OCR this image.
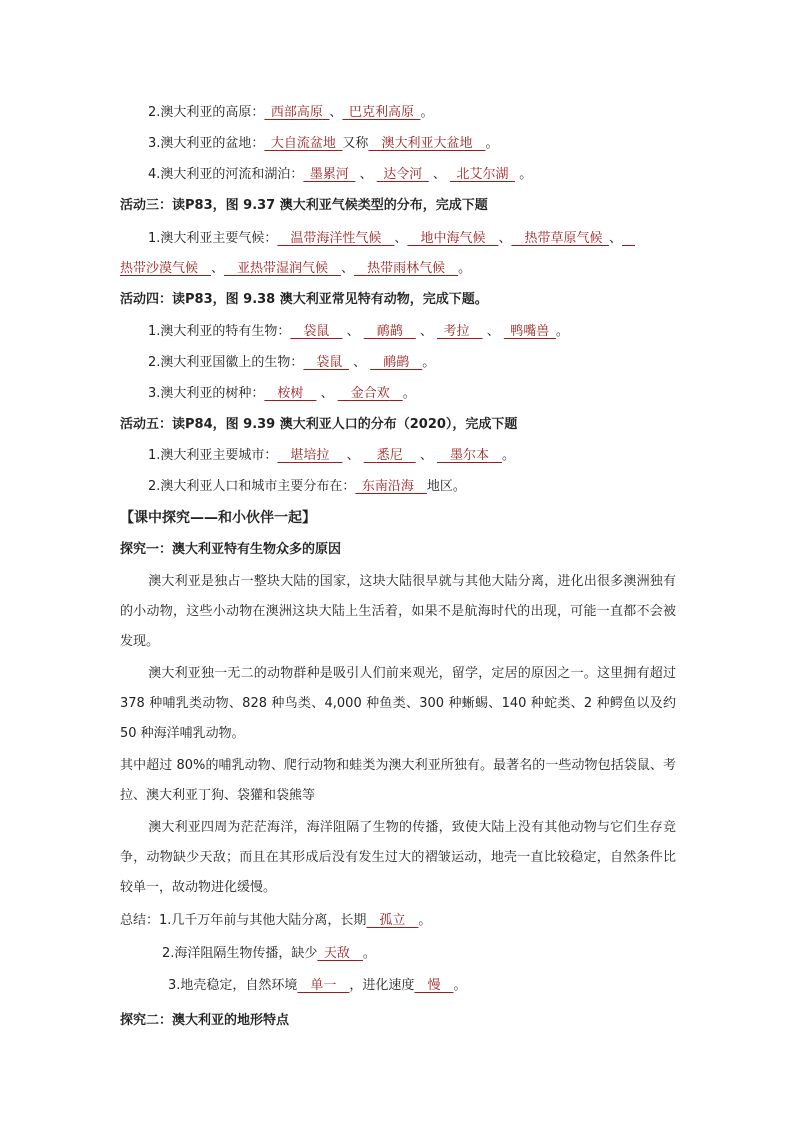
2.澳大利亚的高原：  西部高原  、  巴克利高原  。
3.澳大利亚的盆地：  大自流盆地  又称   澳大利亚大盆地   。
4.澳大利亚的河流和湖泊：  墨累河  、   达令河  、   北艾尔湖  。
活动三：读P83，图 9.37 澳大利亚气候类型的分布，完成下题
1.澳大利亚主要气候：   温带海洋性气候   、   地中海气候   、   热带草原气候  、  
热带沙漠气候   、   亚热带湿润气候   、   热带雨林气候   。
活动四：读P83，图 9.38 澳大利亚常见特有动物，完成下题。
1.澳大利亚的特有生物：   袋鼠   、    鸸鹋   、   考拉   、   鸭嘴兽  。
2.澳大利亚国徽上的生物：   袋鼠  、    鸸鹋   。
3.澳大利亚的树种：   桉树   、    金合欢   。
活动五：读P84，图 9.39 澳大利亚人口的分布（2020），完成下题
1.澳大利亚主要城市：   堪培拉   、    悉尼   、    墨尔本   。
2.澳大利亚人口和城市主要分布在：  东南沿海   地区。
【课中探究——和小伙伴一起】
探究一：澳大利亚特有生物众多的原因
澳大利亚是独占一整块大陆的国家，这块大陆很早就与其他大陆分离，进化出很多澳洲独有的小动物，这些小动物在澳洲这块大陆上生活着，如果不是航海时代的出现，可能一直都不会被发现。
澳大利亚独一无二的动物群种是吸引人们前来观光，留学，定居的原因之一。这里拥有超过 378 种哺乳类动物、828 种鸟类、4,000 种鱼类、300 种蜥蜴、140 种蛇类、2 种鳄鱼以及约 50 种海洋哺乳动物。
其中超过 80%的哺乳动物、爬行动物和蛙类为澳大利亚所独有。最著名的一些动物包括袋鼠、考拉、澳大利亚丁狗、袋獾和袋熊等
澳大利亚四周为茫茫海洋，海洋阻隔了生物的传播，致使大陆上没有其他动物与它们生存竞争，动物缺少天敌；而且在其形成后没有发生过大的褶皱运动，地壳一直比较稳定，自然条件比较单一，故动物进化缓慢。
总结：1.几千万年前与其他大陆分离，长期   孤立   。
2.海洋阻隔生物传播，缺少  天敌   。
3.地壳稳定，自然环境   单一   ，进化速度   慢   。
探究二：澳大利亚的地形特点
